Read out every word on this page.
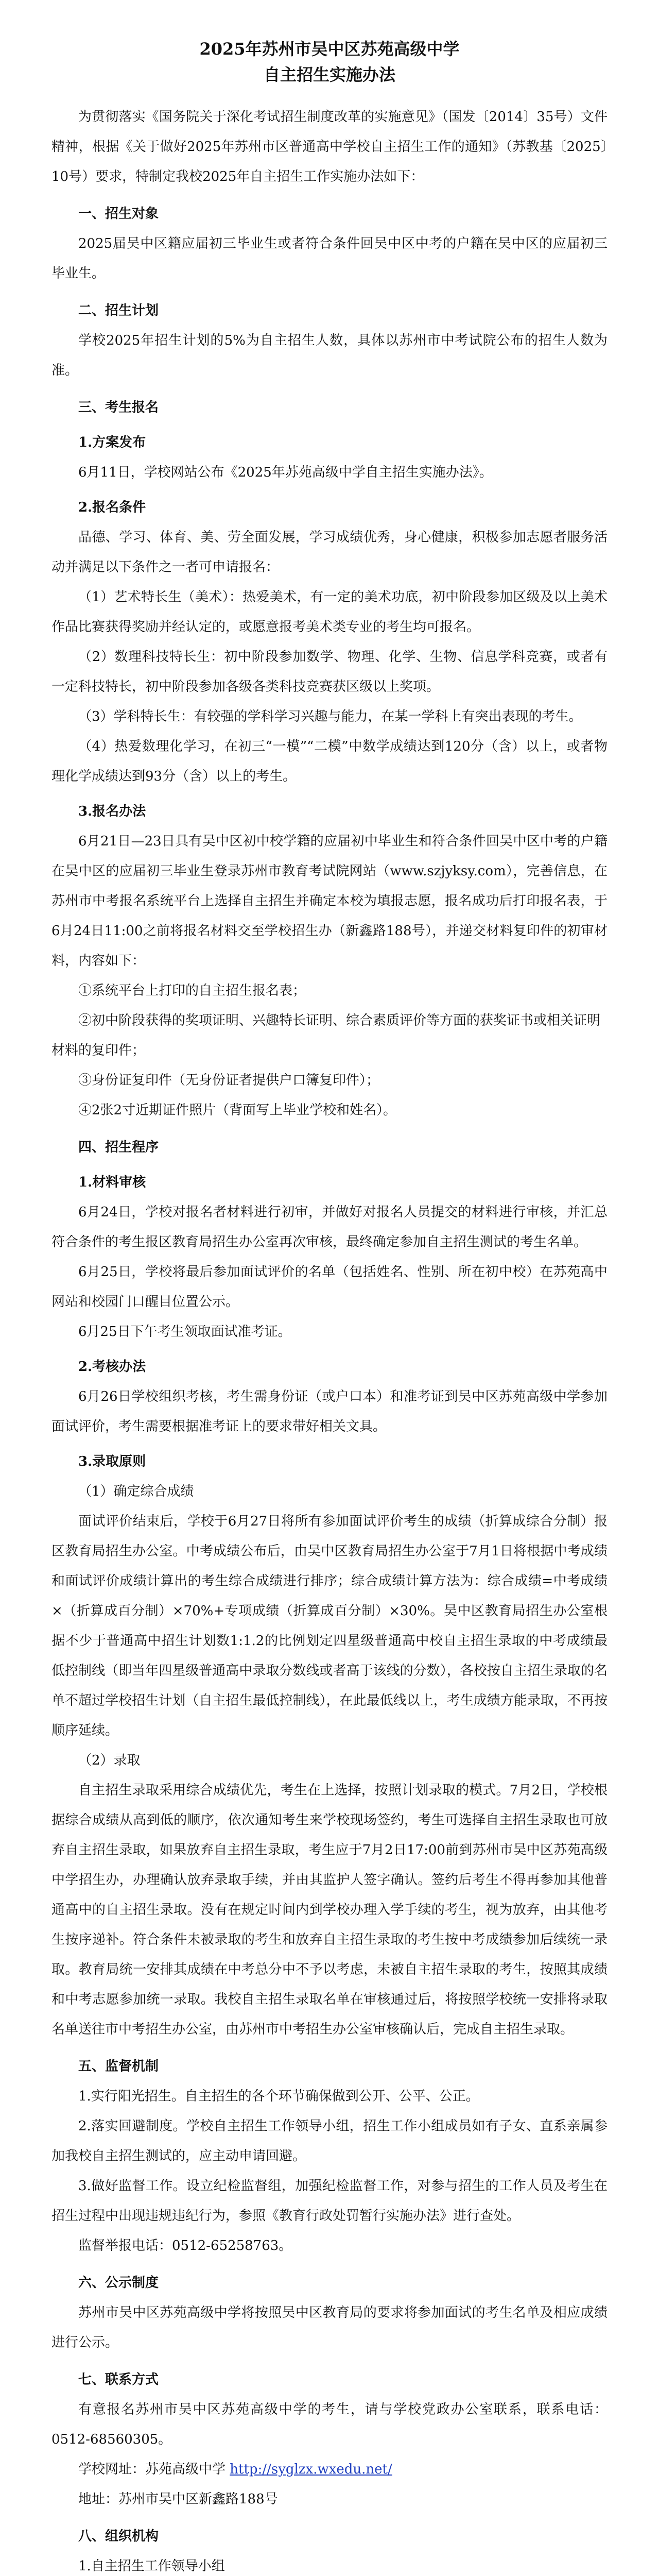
2025年苏州市吴中区苏苑高级中学

自主招生实施办法

为贯彻落实《国务院关于深化考试招生制度改革的实施意见》（国发〔2014〕35号）文件精神，根据《关于做好2025年苏州市区普通高中学校自主招生工作的通知》（苏教基〔2025〕10号）要求，特制定我校2025年自主招生工作实施办法如下：

一、招生对象

2025届吴中区籍应届初三毕业生或者符合条件回吴中区中考的户籍在吴中区的应届初三毕业生。

二、招生计划

学校2025年招生计划的5%为自主招生人数，具体以苏州市中考试院公布的招生人数为准。

三、考生报名

1.方案发布

6月11日，学校网站公布《2025年苏苑高级中学自主招生实施办法》。

2.报名条件

品德、学习、体育、美、劳全面发展，学习成绩优秀，身心健康，积极参加志愿者服务活动并满足以下条件之一者可申请报名：

（1）艺术特长生（美术）：热爱美术，有一定的美术功底，初中阶段参加区级及以上美术作品比赛获得奖励并经认定的，或愿意报考美术类专业的考生均可报名。

（2）数理科技特长生：初中阶段参加数学、物理、化学、生物、信息学科竞赛，或者有一定科技特长，初中阶段参加各级各类科技竞赛获区级以上奖项。

（3）学科特长生：有较强的学科学习兴趣与能力，在某一学科上有突出表现的考生。

（4）热爱数理化学习，在初三“一模”“二模”中数学成绩达到120分（含）以上，或者物理化学成绩达到93分（含）以上的考生。

3.报名办法

6月21日—23日具有吴中区初中校学籍的应届初中毕业生和符合条件回吴中区中考的户籍在吴中区的应届初三毕业生登录苏州市教育考试院网站（www.szjyksy.com），完善信息，在苏州市中考报名系统平台上选择自主招生并确定本校为填报志愿，报名成功后打印报名表，于6月24日11:00之前将报名材料交至学校招生办（新鑫路188号），并递交材料复印件的初审材料，内容如下：

①系统平台上打印的自主招生报名表；

②初中阶段获得的奖项证明、兴趣特长证明、综合素质评价等方面的获奖证书或相关证明材料的复印件；

③身份证复印件（无身份证者提供户口簿复印件）；

④2张2寸近期证件照片（背面写上毕业学校和姓名）。

四、招生程序

1.材料审核

6月24日，学校对报名者材料进行初审，并做好对报名人员提交的材料进行审核，并汇总符合条件的考生报区教育局招生办公室再次审核，最终确定参加自主招生测试的考生名单。

6月25日，学校将最后参加面试评价的名单（包括姓名、性别、所在初中校）在苏苑高中网站和校园门口醒目位置公示。

6月25日下午考生领取面试准考证。

2.考核办法

6月26日学校组织考核，考生需身份证（或户口本）和准考证到吴中区苏苑高级中学参加面试评价，考生需要根据准考证上的要求带好相关文具。

3.录取原则

（1）确定综合成绩

面试评价结束后，学校于6月27日将所有参加面试评价考生的成绩（折算成综合分制）报区教育局招生办公室。中考成绩公布后，由吴中区教育局招生办公室于7月1日将根据中考成绩和面试评价成绩计算出的考生综合成绩进行排序；综合成绩计算方法为：综合成绩=中考成绩×（折算成百分制）×70%+专项成绩（折算成百分制）×30%。吴中区教育局招生办公室根据不少于普通高中招生计划数1:1.2的比例划定四星级普通高中校自主招生录取的中考成绩最低控制线（即当年四星级普通高中录取分数线或者高于该线的分数），各校按自主招生录取的名单不超过学校招生计划（自主招生最低控制线），在此最低线以上，考生成绩方能录取，不再按顺序延续。

（2）录取

自主招生录取采用综合成绩优先，考生在上选择，按照计划录取的模式。7月2日，学校根据综合成绩从高到低的顺序，依次通知考生来学校现场签约，考生可选择自主招生录取也可放弃自主招生录取，如果放弃自主招生录取，考生应于7月2日17:00前到苏州市吴中区苏苑高级中学招生办，办理确认放弃录取手续，并由其监护人签字确认。签约后考生不得再参加其他普通高中的自主招生录取。没有在规定时间内到学校办理入学手续的考生，视为放弃，由其他考生按序递补。符合条件未被录取的考生和放弃自主招生录取的考生按中考成绩参加后续统一录取。教育局统一安排其成绩在中考总分中不予以考虑，未被自主招生录取的考生，按照其成绩和中考志愿参加统一录取。我校自主招生录取名单在审核通过后，将按照学校统一安排将录取名单送往市中考招生办公室，由苏州市中考招生办公室审核确认后，完成自主招生录取。

五、监督机制

1.实行阳光招生。自主招生的各个环节确保做到公开、公平、公正。

2.落实回避制度。学校自主招生工作领导小组，招生工作小组成员如有子女、直系亲属参加我校自主招生测试的，应主动申请回避。

3.做好监督工作。设立纪检监督组，加强纪检监督工作，对参与招生的工作人员及考生在招生过程中出现违规违纪行为，参照《教育行政处罚暂行实施办法》进行查处。

监督举报电话：0512-65258763。

六、公示制度

苏州市吴中区苏苑高级中学将按照吴中区教育局的要求将参加面试的考生名单及相应成绩进行公示。

七、联系方式

有意报名苏州市吴中区苏苑高级中学的考生，请与学校党政办公室联系，联系电话：0512-68560305。

学校网址：苏苑高级中学 http://syglzx.wxedu.net/

地址：苏州市吴中区新鑫路188号

八、组织机构

1.自主招生工作领导小组
